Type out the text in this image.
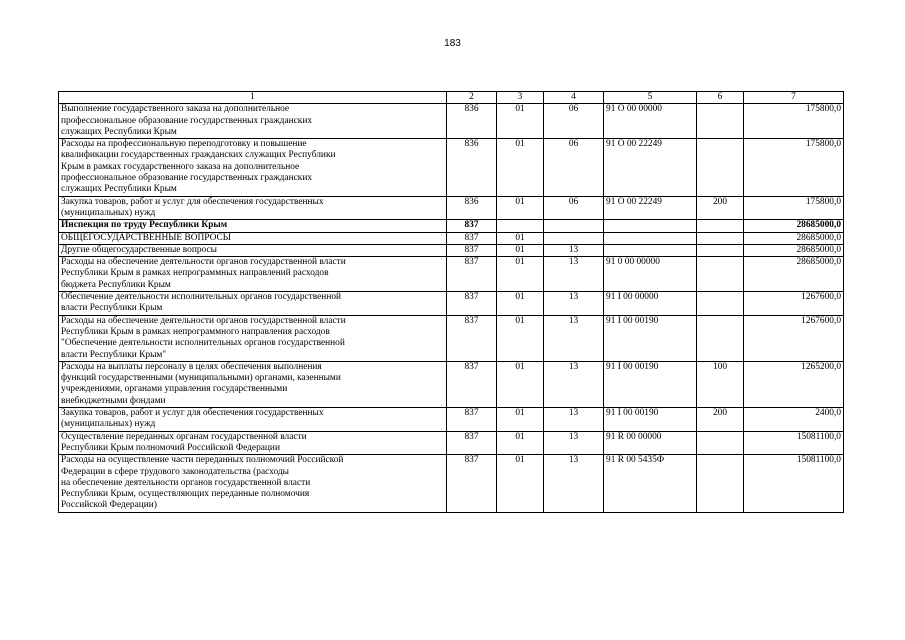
183
1	2	3	4	5	6	7
Выполнение государственного заказа на дополнительное
профессиональное образование государственных гражданских
служащих Республики Крым	836	01	06	91 О 00 00000		175800,0
Расходы на профессиональную переподготовку и повышение
квалификации государственных гражданских служащих Республики
Крым в рамках государственного заказа на дополнительное
профессиональное образование государственных гражданских
служащих Республики Крым	836	01	06	91 О 00 22249		175800,0
Закупка товаров, работ и услуг для обеспечения государственных
(муниципальных) нужд	836	01	06	91 О 00 22249	200	175800,0
Инспекция по труду Республики Крым	837					28685000,0
ОБЩЕГОСУДАРСТВЕННЫЕ ВОПРОСЫ	837	01				28685000,0
Другие общегосударственные вопросы	837	01	13			28685000,0
Расходы на обеспечение деятельности органов государственной власти
Республики Крым в рамках непрограммных направлений расходов
бюджета Республики Крым	837	01	13	91 0 00 00000		28685000,0
Обеспечение деятельности исполнительных органов государственной
власти Республики Крым	837	01	13	91 I 00 00000		1267600,0
Расходы на обеспечение деятельности органов государственной власти
Республики Крым в рамках непрограммного направления расходов
"Обеспечение деятельности исполнительных органов государственной
власти Республики Крым"	837	01	13	91 I 00 00190		1267600,0
Расходы на выплаты персоналу в целях обеспечения выполнения
функций государственными (муниципальными) органами, казенными
учреждениями, органами управления государственными
внебюджетными фондами	837	01	13	91 I 00 00190	100	1265200,0
Закупка товаров, работ и услуг для обеспечения государственных
(муниципальных) нужд	837	01	13	91 I 00 00190	200	2400,0
Осуществление переданных органам государственной власти
Республики Крым полномочий Российской Федерации	837	01	13	91 R 00 00000		15081100,0
Расходы на осуществление части переданных полномочий Российской
Федерации в сфере трудового законодательства (расходы
на обеспечение деятельности органов государственной власти
Республики Крым, осуществляющих переданные полномочия
Российской Федерации)	837	01	13	91 R 00 5435Ф		15081100,0
